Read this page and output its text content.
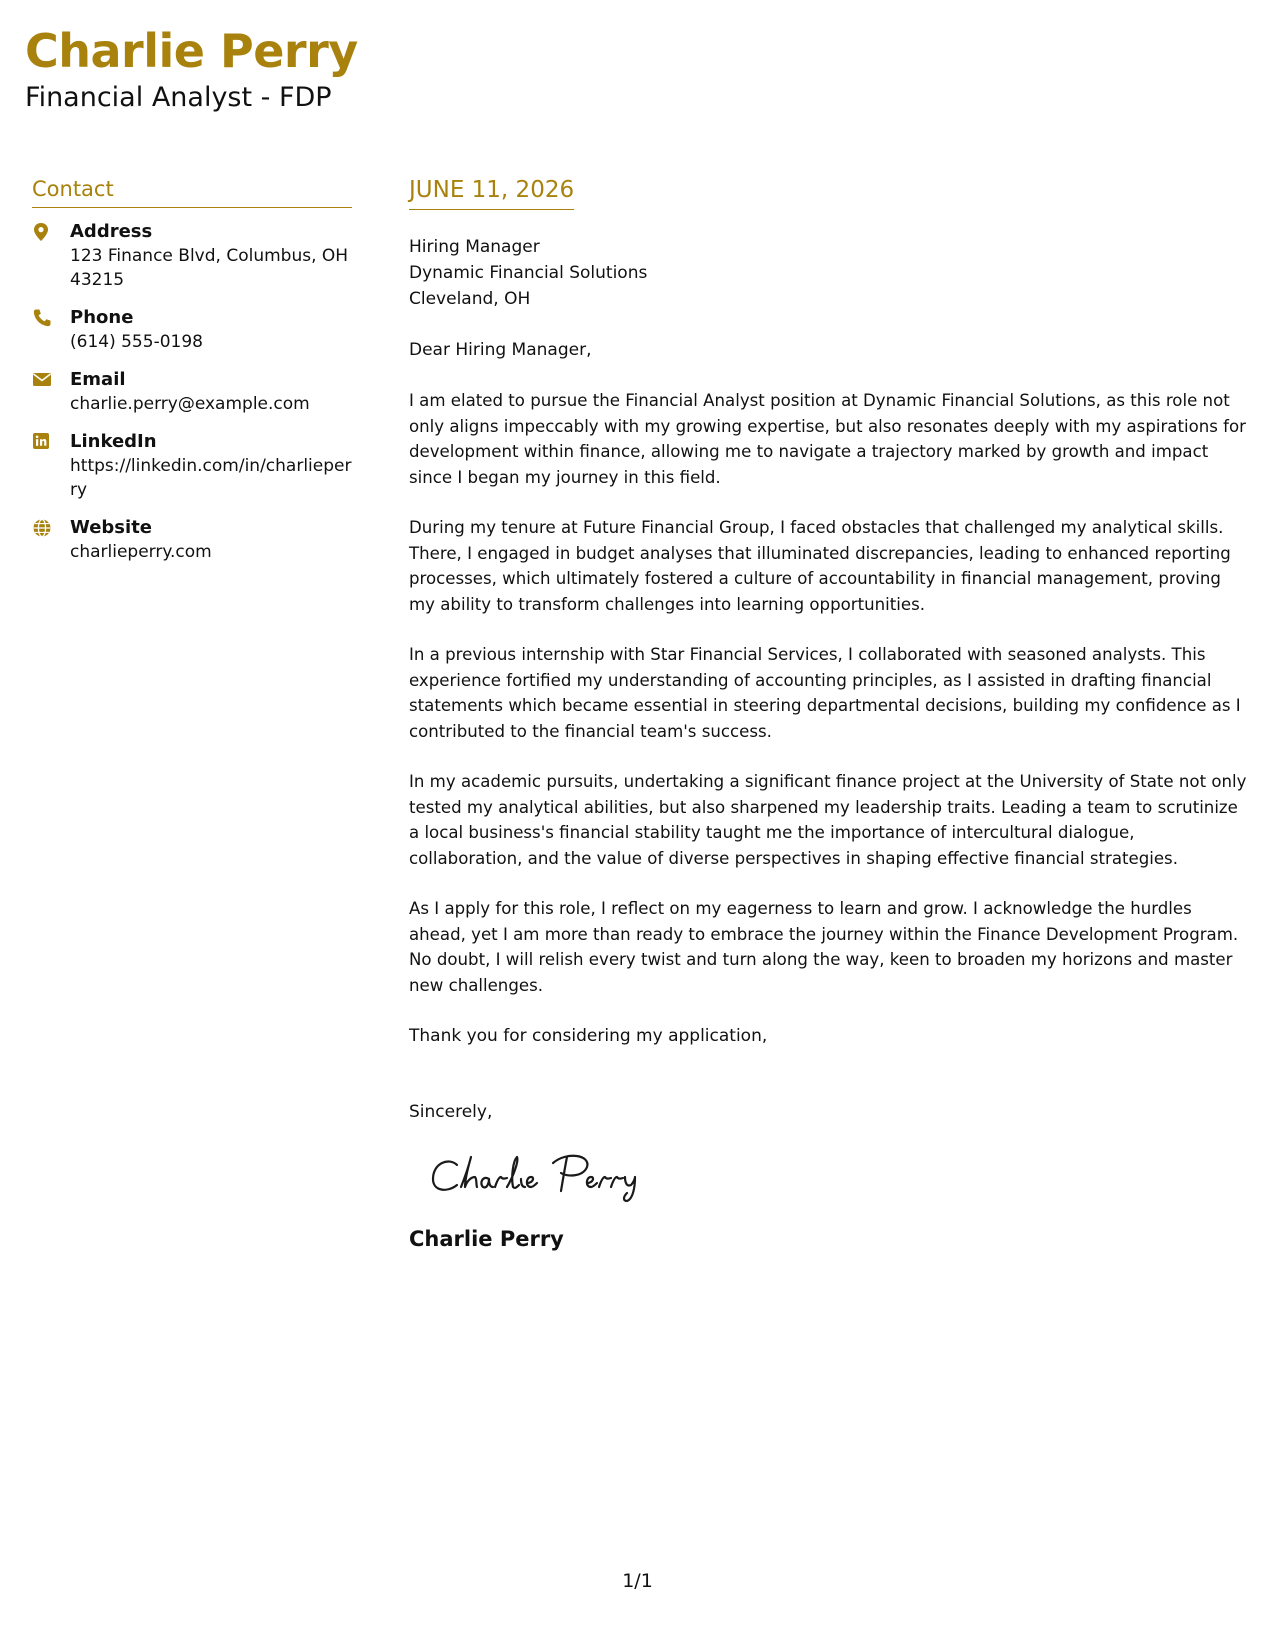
Charlie Perry
Financial Analyst - FDP
Contact
Address
123 Finance Blvd, Columbus, OH 43215
Phone
(614) 555-0198
Email
charlie.perry@example.com
LinkedIn
https://linkedin.com/in/charlieperry
Website
charlieperry.com
JUNE 11, 2026
Hiring Manager
Dynamic Financial Solutions
Cleveland, OH
Dear Hiring Manager,
I am elated to pursue the Financial Analyst position at Dynamic Financial Solutions, as this role not only aligns impeccably with my growing expertise, but also resonates deeply with my aspirations for development within finance, allowing me to navigate a trajectory marked by growth and impact since I began my journey in this field.
During my tenure at Future Financial Group, I faced obstacles that challenged my analytical skills. There, I engaged in budget analyses that illuminated discrepancies, leading to enhanced reporting processes, which ultimately fostered a culture of accountability in financial management, proving my ability to transform challenges into learning opportunities.
In a previous internship with Star Financial Services, I collaborated with seasoned analysts. This experience fortified my understanding of accounting principles, as I assisted in drafting financial statements which became essential in steering departmental decisions, building my confidence as I contributed to the financial team's success.
In my academic pursuits, undertaking a significant finance project at the University of State not only tested my analytical abilities, but also sharpened my leadership traits. Leading a team to scrutinize a local business's financial stability taught me the importance of intercultural dialogue, collaboration, and the value of diverse perspectives in shaping effective financial strategies.
As I apply for this role, I reflect on my eagerness to learn and grow. I acknowledge the hurdles ahead, yet I am more than ready to embrace the journey within the Finance Development Program. No doubt, I will relish every twist and turn along the way, keen to broaden my horizons and master new challenges.
Thank you for considering my application,
Sincerely,
Charlie Perry
1/1
